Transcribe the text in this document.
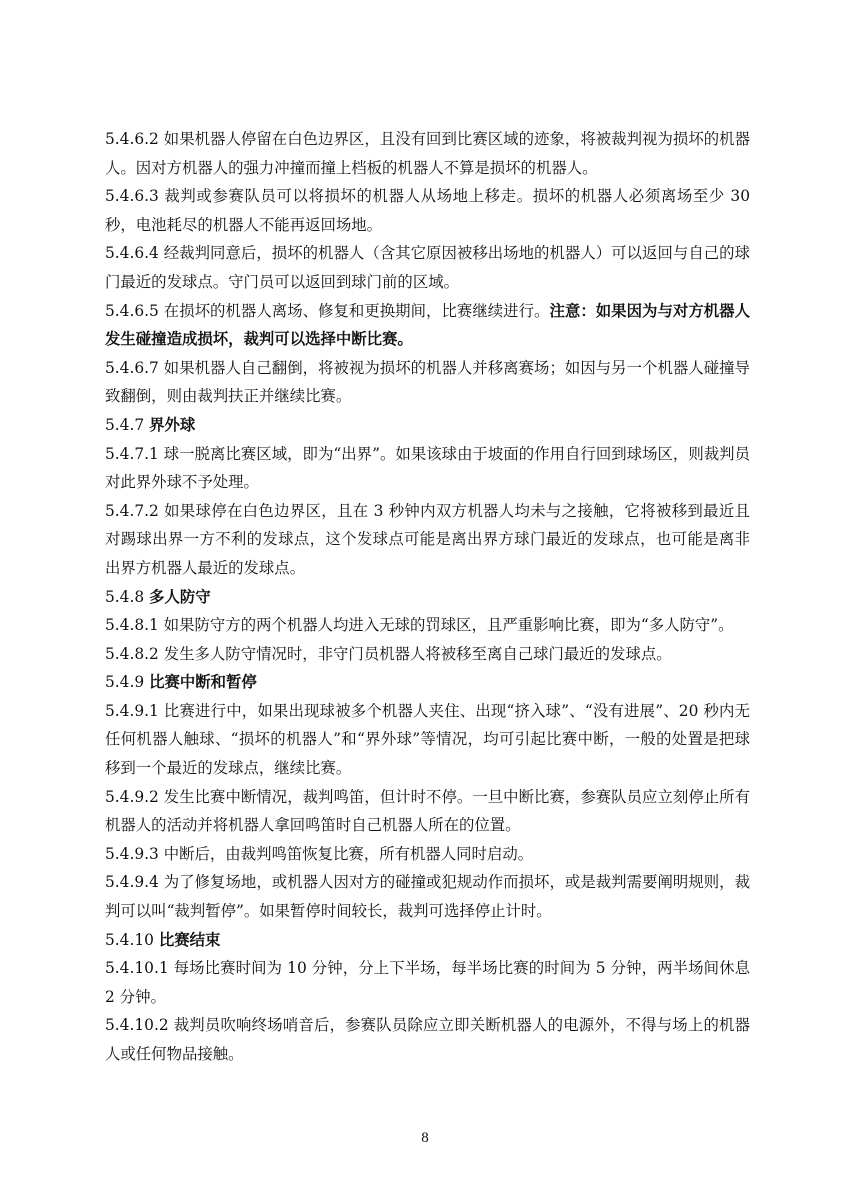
5.4.6.2 如果机器人停留在白色边界区，且没有回到比赛区域的迹象，将被裁判视为损坏的机器人。因对方机器人的强力冲撞而撞上档板的机器人不算是损坏的机器人。

5.4.6.3 裁判或参赛队员可以将损坏的机器人从场地上移走。损坏的机器人必须离场至少 30 秒，电池耗尽的机器人不能再返回场地。

5.4.6.4 经裁判同意后，损坏的机器人（含其它原因被移出场地的机器人）可以返回与自己的球门最近的发球点。守门员可以返回到球门前的区域。

5.4.6.5 在损坏的机器人离场、修复和更换期间，比赛继续进行。注意：如果因为与对方机器人发生碰撞造成损坏，裁判可以选择中断比赛。

5.4.6.7 如果机器人自己翻倒，将被视为损坏的机器人并移离赛场；如因与另一个机器人碰撞导致翻倒，则由裁判扶正并继续比赛。

5.4.7 界外球

5.4.7.1 球一脱离比赛区域，即为“出界”。如果该球由于坡面的作用自行回到球场区，则裁判员对此界外球不予处理。

5.4.7.2 如果球停在白色边界区，且在 3 秒钟内双方机器人均未与之接触，它将被移到最近且对踢球出界一方不利的发球点，这个发球点可能是离出界方球门最近的发球点，也可能是离非出界方机器人最近的发球点。

5.4.8 多人防守

5.4.8.1 如果防守方的两个机器人均进入无球的罚球区，且严重影响比赛，即为“多人防守”。

5.4.8.2 发生多人防守情况时，非守门员机器人将被移至离自己球门最近的发球点。

5.4.9 比赛中断和暂停

5.4.9.1 比赛进行中，如果出现球被多个机器人夹住、出现“挤入球”、“没有进展”、20 秒内无任何机器人触球、“损坏的机器人”和“界外球”等情况，均可引起比赛中断，一般的处置是把球移到一个最近的发球点，继续比赛。

5.4.9.2 发生比赛中断情况，裁判鸣笛，但计时不停。一旦中断比赛，参赛队员应立刻停止所有机器人的活动并将机器人拿回鸣笛时自己机器人所在的位置。

5.4.9.3 中断后，由裁判鸣笛恢复比赛，所有机器人同时启动。

5.4.9.4 为了修复场地，或机器人因对方的碰撞或犯规动作而损坏，或是裁判需要阐明规则，裁判可以叫“裁判暂停”。如果暂停时间较长，裁判可选择停止计时。

5.4.10 比赛结束

5.4.10.1 每场比赛时间为 10 分钟，分上下半场，每半场比赛的时间为 5 分钟，两半场间休息 2 分钟。

5.4.10.2 裁判员吹响终场哨音后，参赛队员除应立即关断机器人的电源外，不得与场上的机器人或任何物品接触。

8
